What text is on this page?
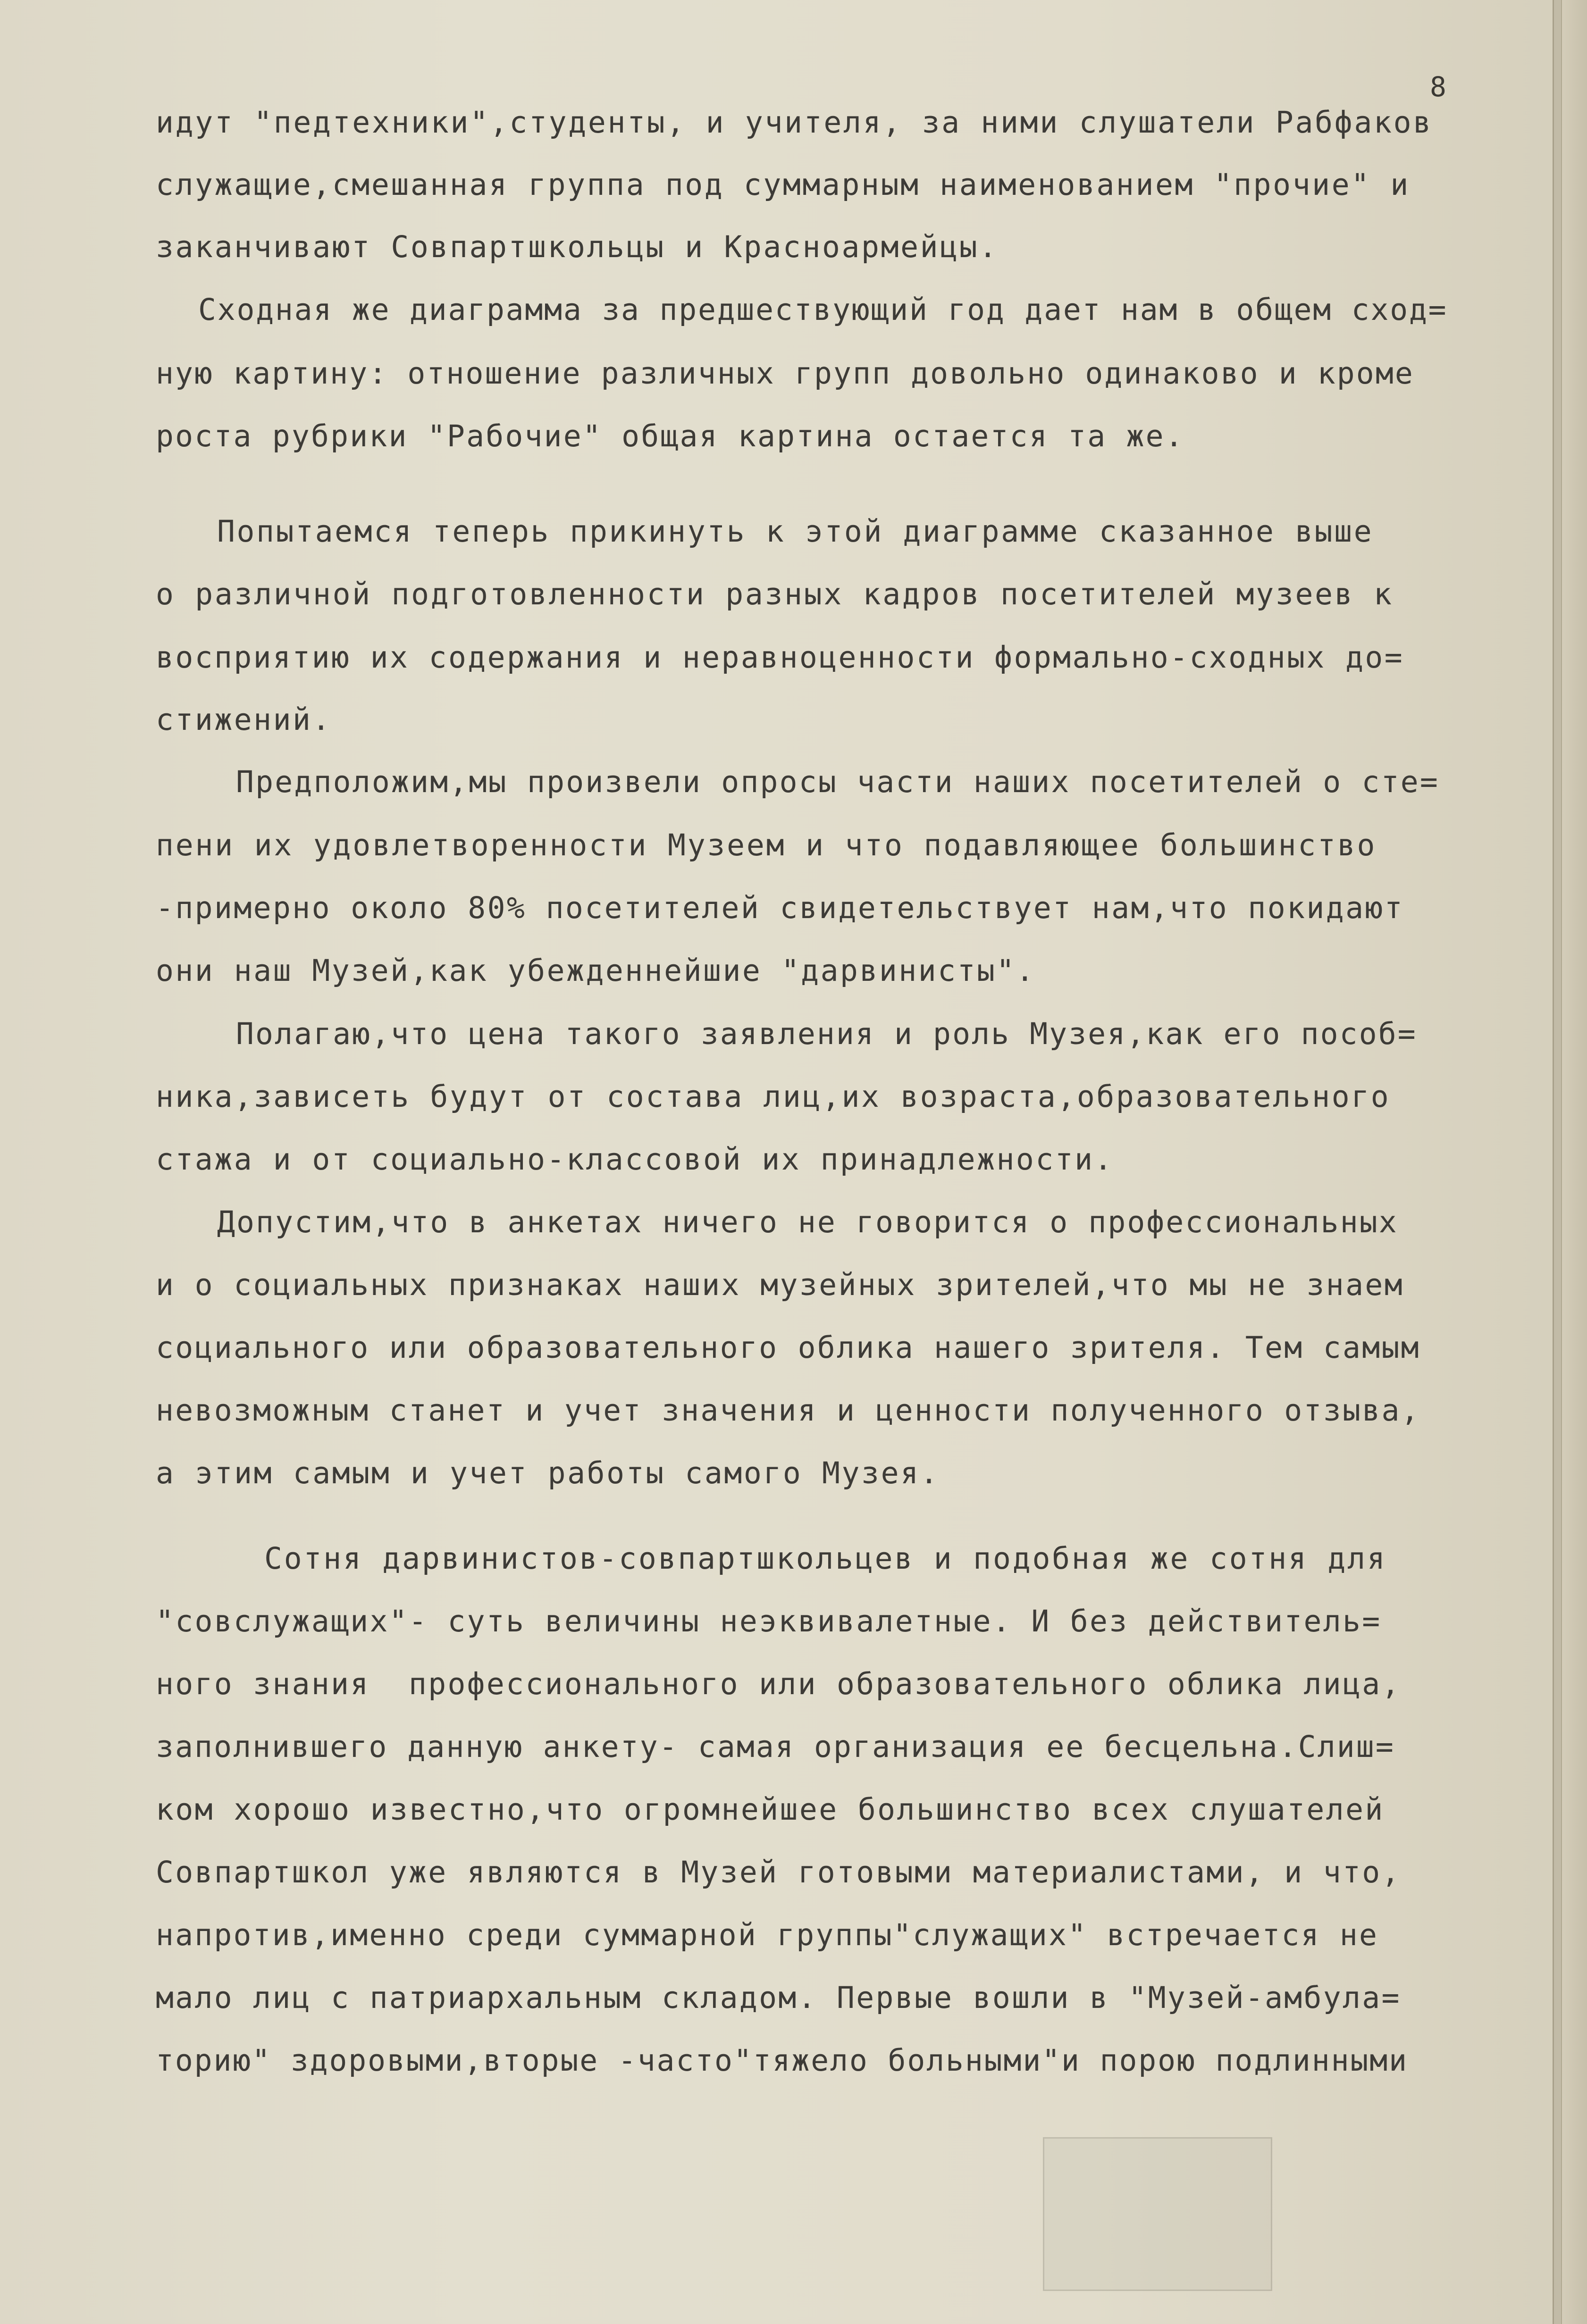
8
идут "педтехники",студенты, и учителя, за ними слушатели Рабфаков
служащие,смешанная группа под суммарным наименованием "прочие" и
заканчивают Совпартшкольцы и Красноармейцы.
Сходная же диаграмма за предшествующий год дает нам в общем сход=
ную картину: отношение различных групп довольно одинаково и кроме
роста рубрики "Рабочие" общая картина остается та же.
Попытаемся теперь прикинуть к этой диаграмме сказанное выше
о различной подготовленности разных кадров посетителей музеев к
восприятию их содержания и неравноценности формально-сходных до=
стижений.
Предположим,мы произвели опросы части наших посетителей о сте=
пени их удовлетворенности Музеем и что подавляющее большинство
-примерно около 80% посетителей свидетельствует нам,что покидают
они наш Музей,как убежденнейшие "дарвинисты".
Полагаю,что цена такого заявления и роль Музея,как его пособ=
ника,зависеть будут от состава лиц,их возраста,образовательного
стажа и от социально-классовой их принадлежности.
Допустим,что в анкетах ничего не говорится о профессиональных
и о социальных признаках наших музейных зрителей,что мы не знаем
социального или образовательного облика нашего зрителя. Тем самым
невозможным станет и учет значения и ценности полученного отзыва,
а этим самым и учет работы самого Музея.
Сотня дарвинистов-совпартшкольцев и подобная же сотня для
"совслужащих"- суть величины неэквивалетные. И без действитель=
ного знания  профессионального или образовательного облика лица,
заполнившего данную анкету- самая организация ее бесцельна.Слиш=
ком хорошо известно,что огромнейшее большинство всех слушателей
Совпартшкол уже являются в Музей готовыми материалистами, и что,
напротив,именно среди суммарной группы"служащих" встречается не
мало лиц с патриархальным складом. Первые вошли в "Музей-амбула=
торию" здоровыми,вторые -часто"тяжело больными"и порою подлинными
